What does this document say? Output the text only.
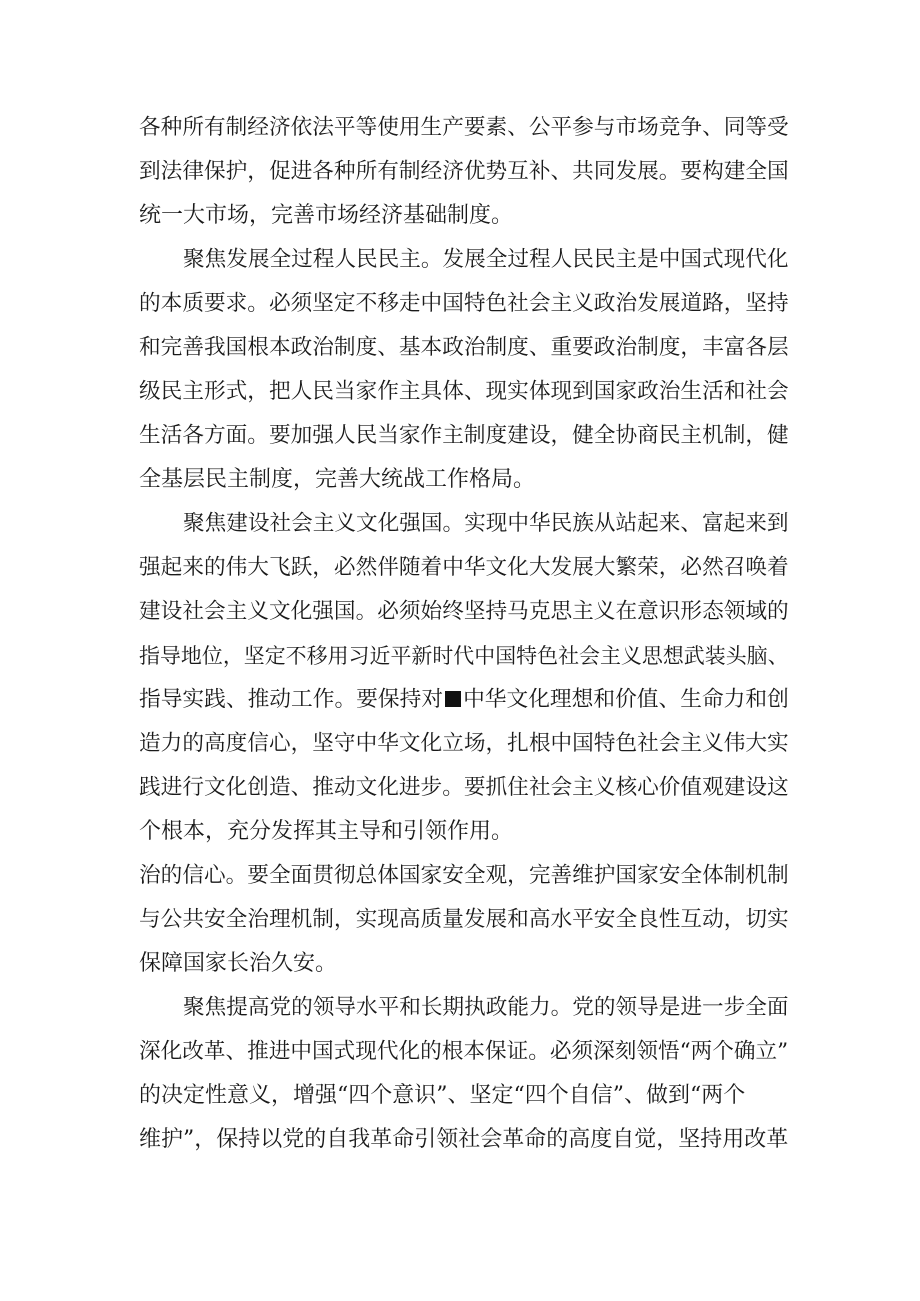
各种所有制经济依法平等使用生产要素、公平参与市场竞争、同等受
到法律保护，促进各种所有制经济优势互补、共同发展。要构建全国
统一大市场，完善市场经济基础制度。
聚焦发展全过程人民民主。发展全过程人民民主是中国式现代化
的本质要求。必须坚定不移走中国特色社会主义政治发展道路，坚持
和完善我国根本政治制度、基本政治制度、重要政治制度，丰富各层
级民主形式，把人民当家作主具体、现实体现到国家政治生活和社会
生活各方面。要加强人民当家作主制度建设，健全协商民主机制，健
全基层民主制度，完善大统战工作格局。
聚焦建设社会主义文化强国。实现中华民族从站起来、富起来到
强起来的伟大飞跃，必然伴随着中华文化大发展大繁荣，必然召唤着
建设社会主义文化强国。必须始终坚持马克思主义在意识形态领域的
指导地位，坚定不移用习近平新时代中国特色社会主义思想武装头脑、
指导实践、推动工作。要保持对 中华文化理想和价值、生命力和创
造力的高度信心，坚守中华文化立场，扎根中国特色社会主义伟大实
践进行文化创造、推动文化进步。要抓住社会主义核心价值观建设这
个根本，充分发挥其主导和引领作用。
治的信心。要全面贯彻总体国家安全观，完善维护国家安全体制机制
与公共安全治理机制，实现高质量发展和高水平安全良性互动，切实
保障国家长治久安。
聚焦提高党的领导水平和长期执政能力。党的领导是进一步全面
深化改革、推进中国式现代化的根本保证。必须深刻领悟“两个确立”
的决定性意义，增强“四个意识”、坚定“四个自信”、做到“两个
维护”，保持以党的自我革命引领社会革命的高度自觉，坚持用改革
